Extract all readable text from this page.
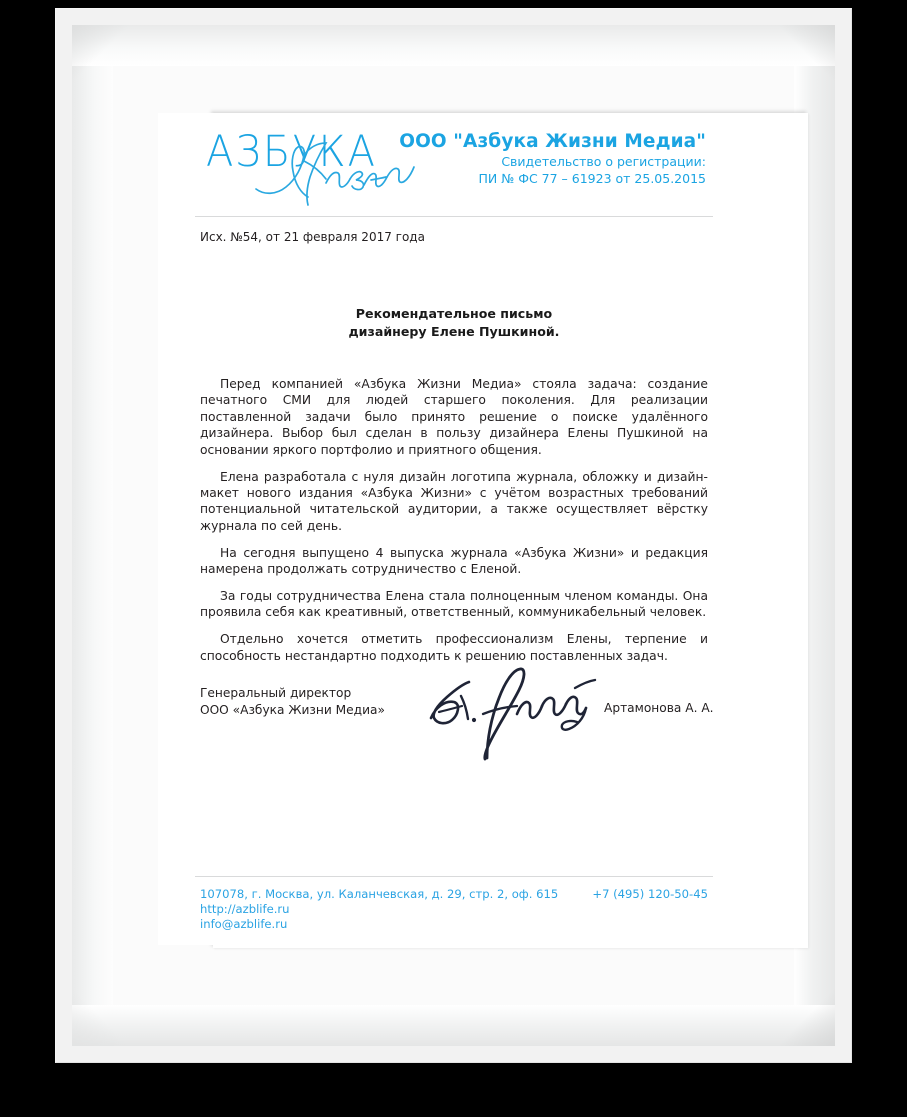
АЗБУКА ООО "Азбука Жизни Медиа"
Свидетельство о регистрации:
ПИ № ФС 77 – 61923 от 25.05.2015
Исх. №54, от 21 февраля 2017 года
Рекомендательное письмо
дизайнеру Елене Пушкиной.

Перед компанией «Азбука Жизни Медиа» стояла задача: создание печатного СМИ для людей старшего поколения. Для реализации поставленной задачи было принято решение о поиске удалённого дизайнера. Выбор был сделан в пользу дизайнера Елены Пушкиной на основании яркого портфолио и приятного общения.

Елена разработала с нуля дизайн логотипа журнала, обложку и дизайн-макет нового издания «Азбука Жизни» с учётом возрастных требований потенциальной читательской аудитории, а также осуществляет вёрстку журнала по сей день.

На сегодня выпущено 4 выпуска журнала «Азбука Жизни» и редакция намерена продолжать сотрудничество с Еленой.

За годы сотрудничества Елена стала полноценным членом команды. Она проявила себя как креативный, ответственный, коммуникабельный человек.

Отдельно хочется отметить профессионализм Елены, терпение и способность нестандартно подходить к решению поставленных задач.

Генеральный директор
ООО «Азбука Жизни Медиа»	Артамонова А. А.
+7 (495) 120-50-45
107078, г. Москва, ул. Каланчевская, д. 29, стр. 2, оф. 615
http://azblife.ru
info@azblife.ru
